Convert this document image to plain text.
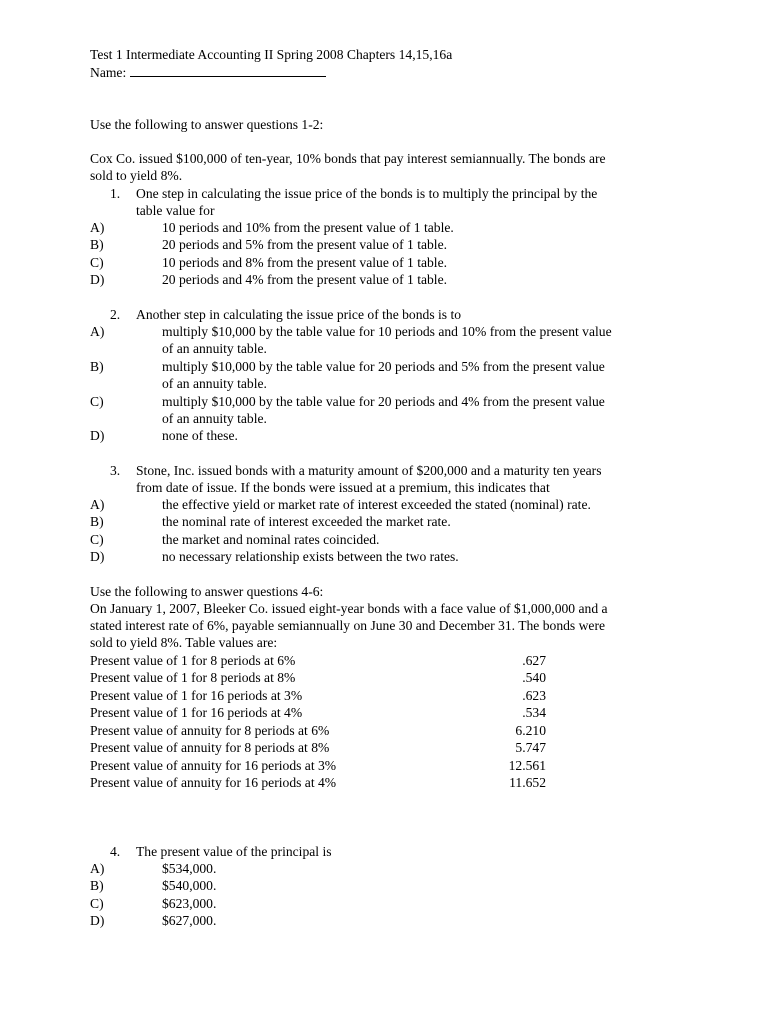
Test 1 Intermediate Accounting II Spring 2008 Chapters 14,15,16a
Name:
Use the following to answer questions 1-2:
Cox Co. issued $100,000 of ten-year, 10% bonds that pay interest semiannually. The bonds are
sold to yield 8%.
1. One step in calculating the issue price of the bonds is to multiply the principal by the
table value for
A)	10 periods and 10% from the present value of 1 table.
B)	20 periods and 5% from the present value of 1 table.
C)	10 periods and 8% from the present value of 1 table.
D)	20 periods and 4% from the present value of 1 table.
2. Another step in calculating the issue price of the bonds is to
A)	multiply $10,000 by the table value for 10 periods and 10% from the present value
of an annuity table.
B)	multiply $10,000 by the table value for 20 periods and 5% from the present value
of an annuity table.
C)	multiply $10,000 by the table value for 20 periods and 4% from the present value
of an annuity table.
D)	none of these.
3. Stone, Inc. issued bonds with a maturity amount of $200,000 and a maturity ten years
from date of issue. If the bonds were issued at a premium, this indicates that
A)	the effective yield or market rate of interest exceeded the stated (nominal) rate.
B)	the nominal rate of interest exceeded the market rate.
C)	the market and nominal rates coincided.
D)	no necessary relationship exists between the two rates.
Use the following to answer questions 4-6:
On January 1, 2007, Bleeker Co. issued eight-year bonds with a face value of $1,000,000 and a
stated interest rate of 6%, payable semiannually on June 30 and December 31. The bonds were
sold to yield 8%. Table values are:
Present value of 1 for 8 periods at 6%	.627
Present value of 1 for 8 periods at 8%	.540
Present value of 1 for 16 periods at 3%	.623
Present value of 1 for 16 periods at 4%	.534
Present value of annuity for 8 periods at 6%	6.210
Present value of annuity for 8 periods at 8%	5.747
Present value of annuity for 16 periods at 3%	12.561
Present value of annuity for 16 periods at 4%	11.652
4. The present value of the principal is
A)	$534,000.
B)	$540,000.
C)	$623,000.
D)	$627,000.
